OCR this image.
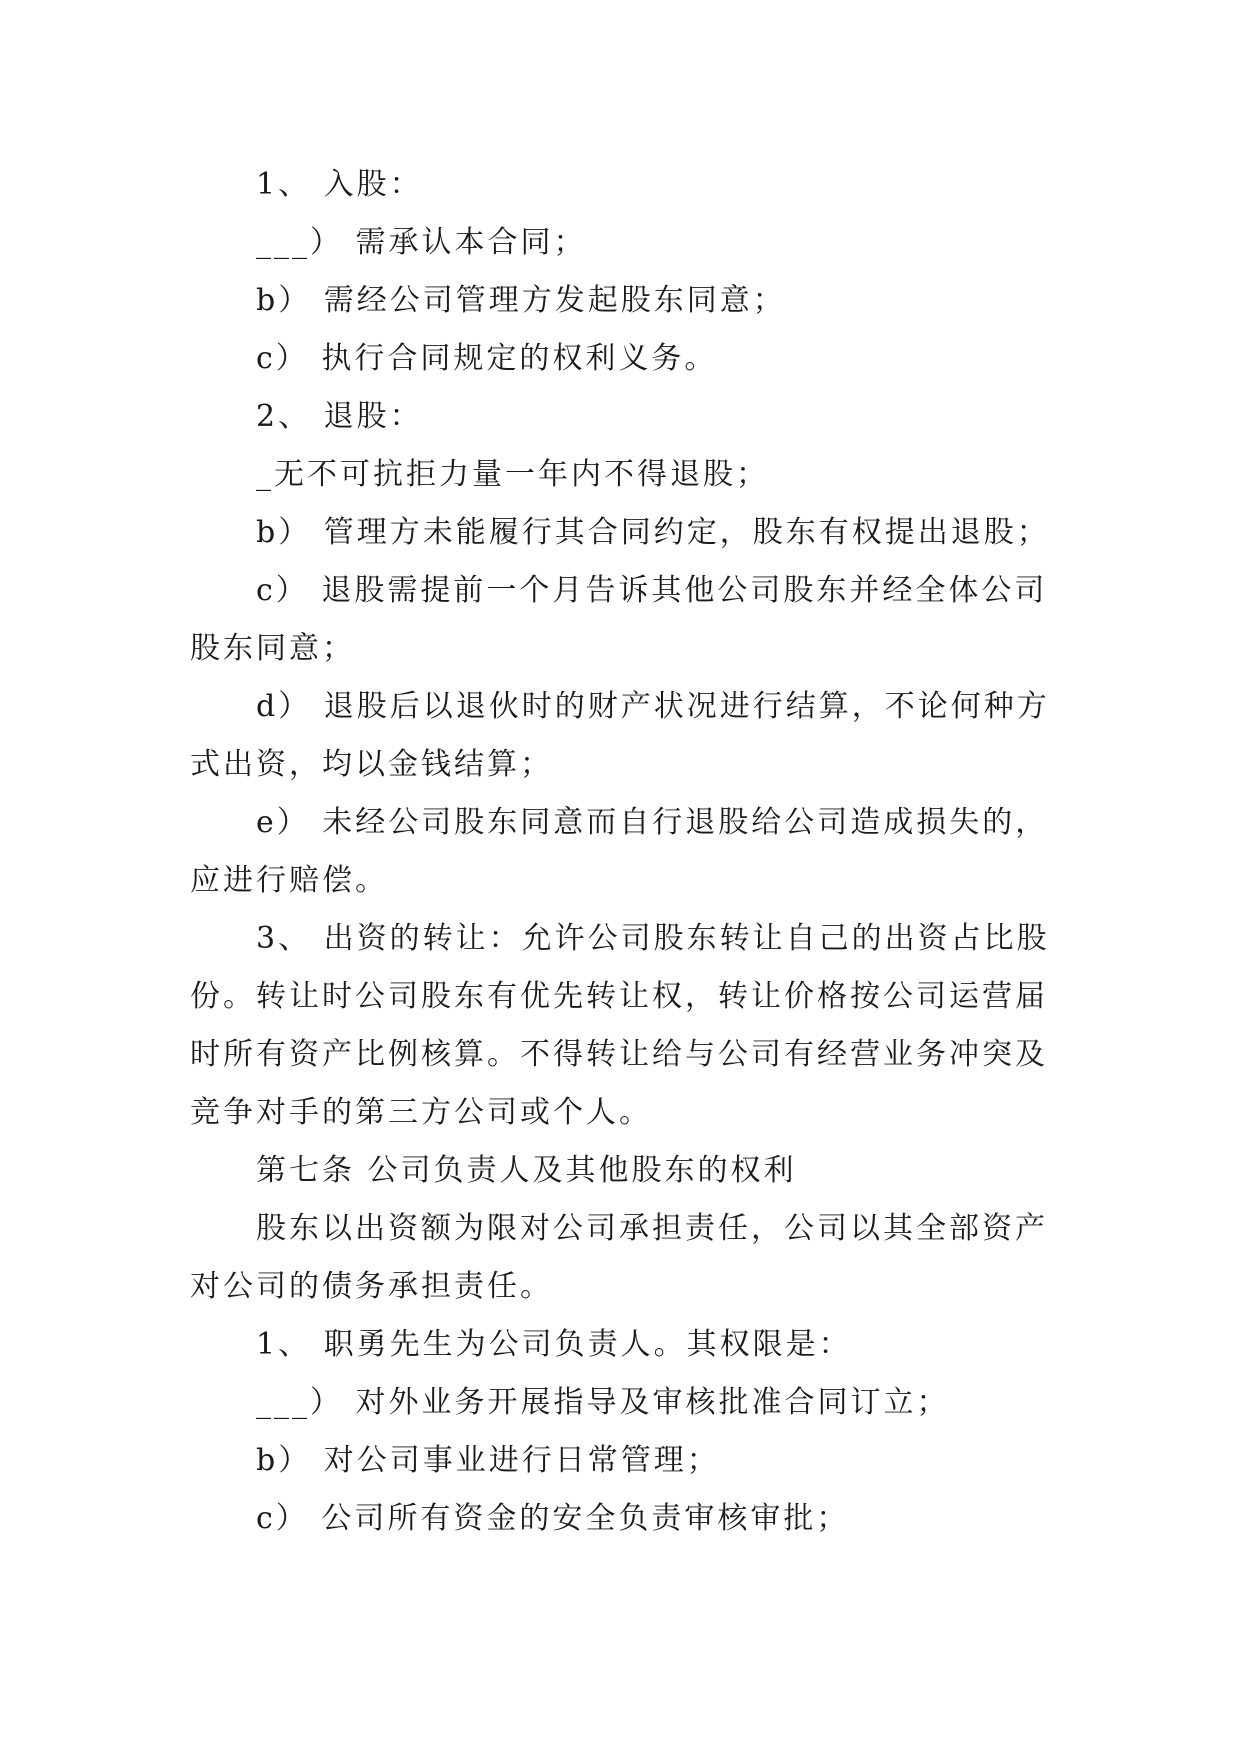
1、 入股：

___） 需承认本合同；

b） 需经公司管理方发起股东同意；

c） 执行合同规定的权利义务。

2、 退股：

_无不可抗拒力量一年内不得退股；

b） 管理方未能履行其合同约定，股东有权提出退股；

c） 退股需提前一个月告诉其他公司股东并经全体公司股东同意；

d） 退股后以退伙时的财产状况进行结算，不论何种方式出资，均以金钱结算；

e） 未经公司股东同意而自行退股给公司造成损失的，应进行赔偿。

3、 出资的转让：允许公司股东转让自己的出资占比股份。转让时公司股东有优先转让权，转让价格按公司运营届时所有资产比例核算。不得转让给与公司有经营业务冲突及竞争对手的第三方公司或个人。

第七条 公司负责人及其他股东的权利

股东以出资额为限对公司承担责任，公司以其全部资产对公司的债务承担责任。

1、 职勇先生为公司负责人。其权限是：

___） 对外业务开展指导及审核批准合同订立；

b） 对公司事业进行日常管理；

c） 公司所有资金的安全负责审核审批；
